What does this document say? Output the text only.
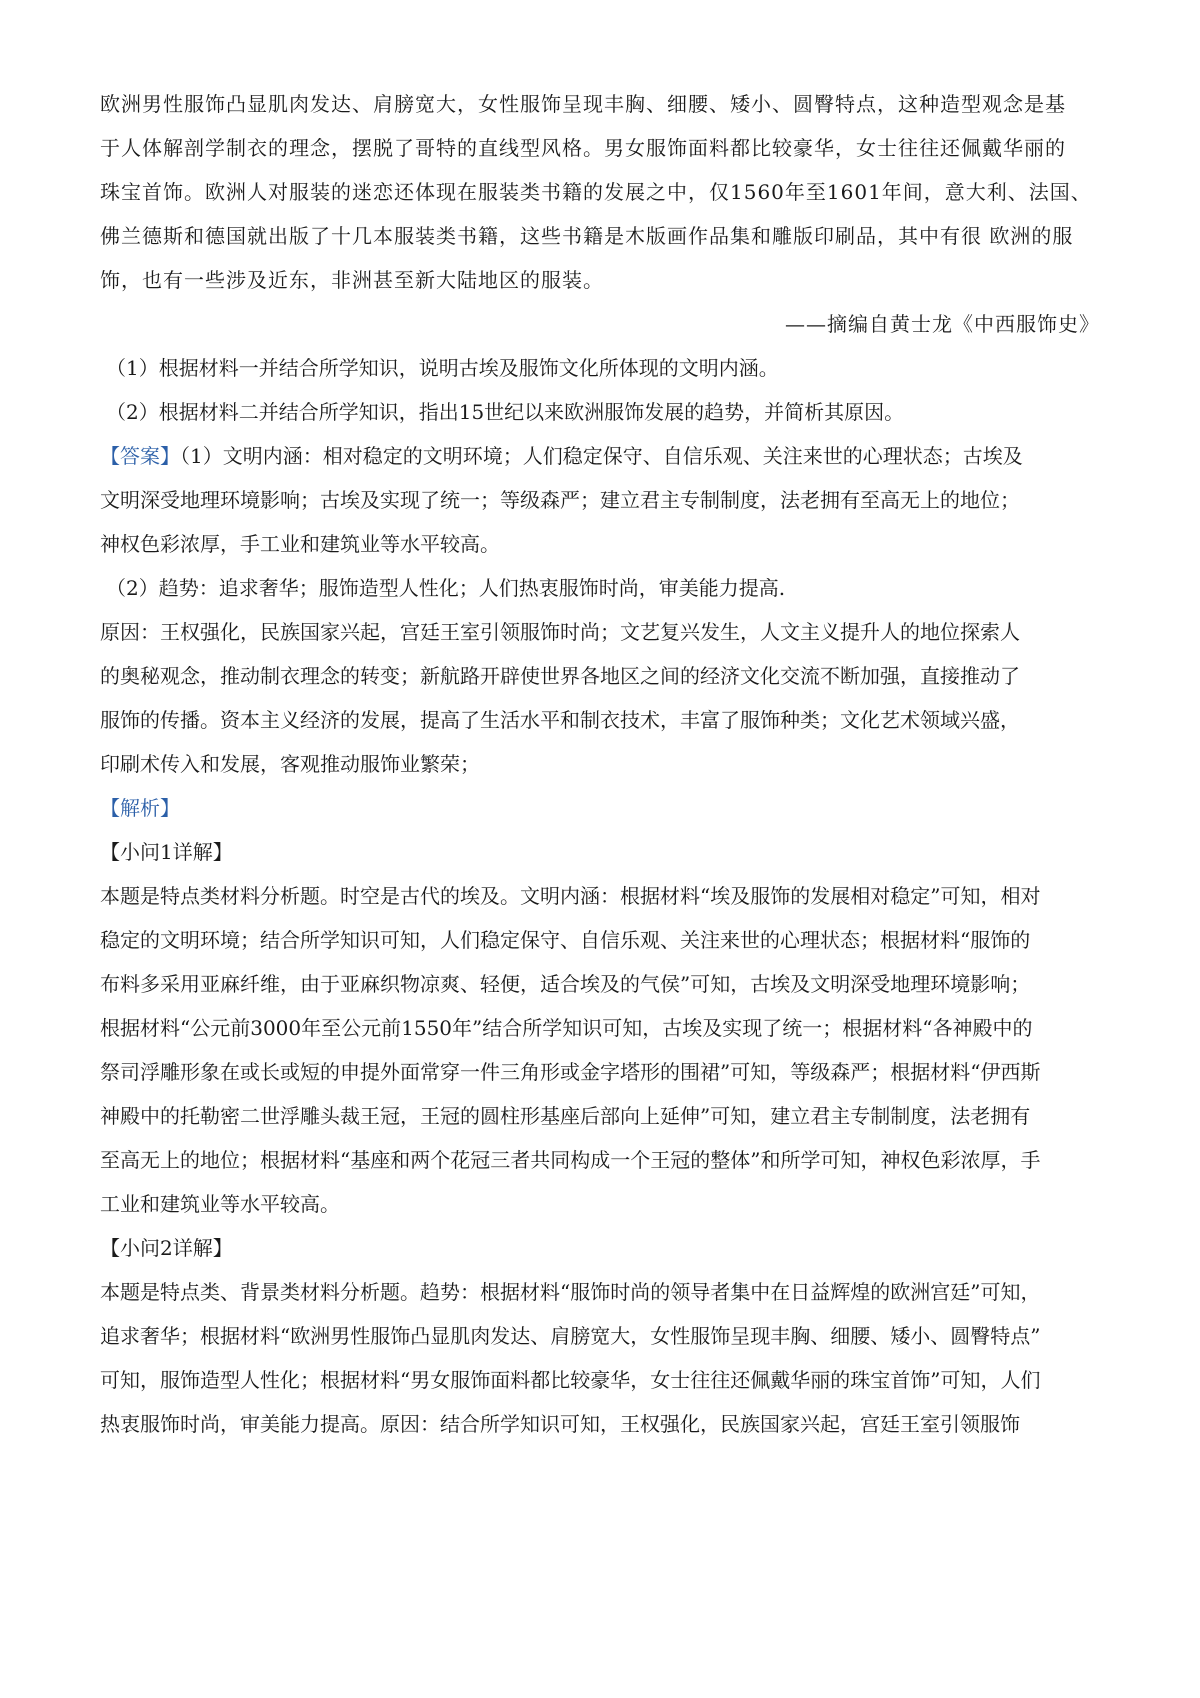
欧洲男性服饰凸显肌肉发达、肩膀宽大，女性服饰呈现丰胸、细腰、矮小、圆臀特点，这种造型观念是基

于人体解剖学制衣的理念，摆脱了哥特的直线型风格。男女服饰面料都比较豪华，女士往往还佩戴华丽的

珠宝首饰。欧洲人对服装的迷恋还体现在服装类书籍的发展之中，仅1560年至1601年间，意大利、法国、

佛兰德斯和德国就出版了十几本服装类书籍，这些书籍是木版画作品集和雕版印刷品，其中有很 欧洲的服

饰，也有一些涉及近东，非洲甚至新大陆地区的服装。

——摘编自黄士龙《中西服饰史》

（1）根据材料一并结合所学知识，说明古埃及服饰文化所体现的文明内涵。

（2）根据材料二并结合所学知识，指出15世纪以来欧洲服饰发展的趋势，并简析其原因。

【答案】（1）文明内涵：相对稳定的文明环境；人们稳定保守、自信乐观、关注来世的心理状态；古埃及

文明深受地理环境影响；古埃及实现了统一；等级森严；建立君主专制制度，法老拥有至高无上的地位；

神权色彩浓厚，手工业和建筑业等水平较高。

（2）趋势：追求奢华；服饰造型人性化；人们热衷服饰时尚，审美能力提高.

原因：王权强化，民族国家兴起，宫廷王室引领服饰时尚；文艺复兴发生，人文主义提升人的地位探索人

的奥秘观念，推动制衣理念的转变；新航路开辟使世界各地区之间的经济文化交流不断加强，直接推动了

服饰的传播。资本主义经济的发展，提高了生活水平和制衣技术，丰富了服饰种类；文化艺术领域兴盛，

印刷术传入和发展，客观推动服饰业繁荣；

【解析】

【小问1详解】

本题是特点类材料分析题。时空是古代的埃及。文明内涵：根据材料“埃及服饰的发展相对稳定”可知，相对

稳定的文明环境；结合所学知识可知，人们稳定保守、自信乐观、关注来世的心理状态；根据材料“服饰的

布料多采用亚麻纤维，由于亚麻织物凉爽、轻便，适合埃及的气侯”可知，古埃及文明深受地理环境影响；

根据材料“公元前3000年至公元前1550年”结合所学知识可知，古埃及实现了统一；根据材料“各神殿中的

祭司浮雕形象在或长或短的申提外面常穿一件三角形或金字塔形的围裙”可知，等级森严；根据材料“伊西斯

神殿中的托勒密二世浮雕头裁王冠，王冠的圆柱形基座后部向上延伸”可知，建立君主专制制度，法老拥有

至高无上的地位；根据材料“基座和两个花冠三者共同构成一个王冠的整体”和所学可知，神权色彩浓厚，手

工业和建筑业等水平较高。

【小问2详解】

本题是特点类、背景类材料分析题。趋势：根据材料“服饰时尚的领导者集中在日益辉煌的欧洲宫廷”可知，

追求奢华；根据材料“欧洲男性服饰凸显肌肉发达、肩膀宽大，女性服饰呈现丰胸、细腰、矮小、圆臀特点”

可知，服饰造型人性化；根据材料“男女服饰面料都比较豪华，女士往往还佩戴华丽的珠宝首饰”可知，人们

热衷服饰时尚，审美能力提高。原因：结合所学知识可知，王权强化，民族国家兴起，宫廷王室引领服饰
